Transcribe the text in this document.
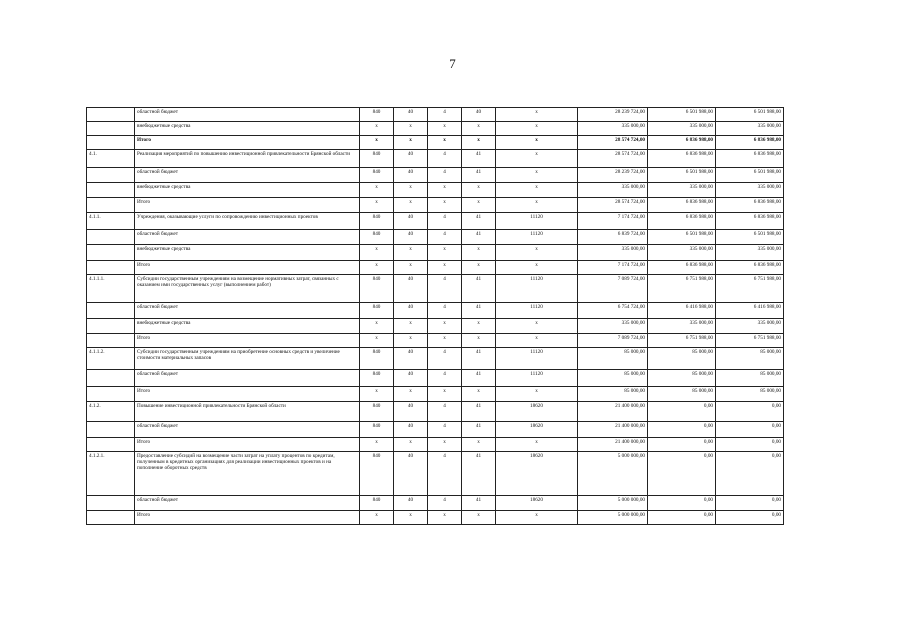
7
	областной бюджет	840	40	4	40	х	28 239 724,00	6 501 988,00	6 501 988,00
	внебюджетные средства	х	х	х	х	х	335 000,00	335 000,00	335 000,00
	Итого	х	х	х	х	х	28 574 724,00	6 836 988,00	6 836 988,00
4.1.	Реализация мероприятий по повышению инвестиционной привлекательности Брянской области	840	40	4	41	х	28 574 724,00	6 836 988,00	6 836 988,00
	областной бюджет	840	40	4	41	х	28 239 724,00	6 501 988,00	6 501 988,00
	внебюджетные средства	х	х	х	х	х	335 000,00	335 000,00	335 000,00
	Итого	х	х	х	х	х	28 574 724,00	6 836 988,00	6 836 988,00
4.1.1.	Учреждения, оказывающие услуги по сопровождению инвестиционных проектов	840	40	4	41	11120	7 174 724,00	6 836 988,00	6 836 988,00
	областной бюджет	840	40	4	41	11120	6 839 724,00	6 501 988,00	6 501 988,00
	внебюджетные средства	х	х	х	х	х	335 000,00	335 000,00	335 000,00
	Итого	х	х	х	х	х	7 174 724,00	6 836 988,00	6 836 988,00
4.1.1.1.	Субсидии государственным учреждениям на возмещение нормативных затрат, связанных с оказанием ими государственных услуг (выполнением работ)	840	40	4	41	11120	7 089 724,00	6 751 988,00	6 751 988,00
	областной бюджет	840	40	4	41	11120	6 754 724,00	6 416 988,00	6 416 988,00
	внебюджетные средства	х	х	х	х	х	335 000,00	335 000,00	335 000,00
	Итого	х	х	х	х	х	7 089 724,00	6 751 988,00	6 751 988,00
4.1.1.2.	Субсидии государственным учреждениям на приобретение основных средств и увеличение стоимости материальных запасов	840	40	4	41	11120	85 000,00	85 000,00	85 000,00
	областной бюджет	840	40	4	41	11120	85 000,00	85 000,00	85 000,00
	Итого	х	х	х	х	х	85 000,00	85 000,00	85 000,00
4.1.2.	Повышение инвестиционной привлекательности Брянской области	840	40	4	41	18620	21 400 000,00	0,00	0,00
	областной бюджет	840	40	4	41	18620	21 400 000,00	0,00	0,00
	Итого	х	х	х	х	х	21 400 000,00	0,00	0,00
4.1.2.1.	Предоставление субсидий на возмещение части затрат на уплату процентов по кредитам, полученным в кредитных организациях для реализации инвестиционных проектов и на пополнение оборотных средств	840	40	4	41	18620	5 000 000,00	0,00	0,00
	областной бюджет	840	40	4	41	18620	5 000 000,00	0,00	0,00
	Итого	х	х	х	х	х	5 000 000,00	0,00	0,00
